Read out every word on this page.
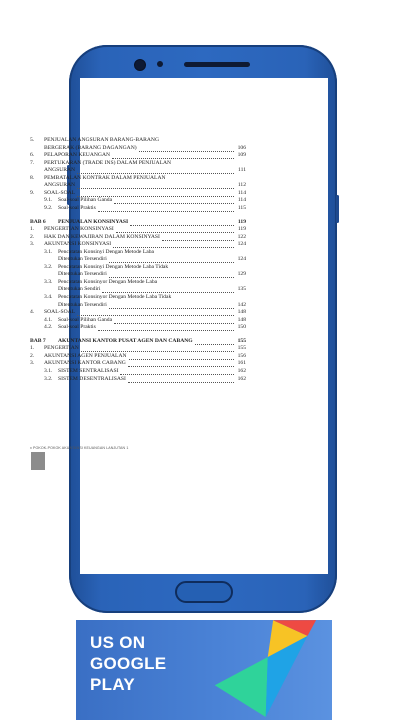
5. PENJUALAN ANGSURAN BARANG-BARANG
BERGERAK (BARANG DAGANGAN)	106
6. PELAPORAN KEUANGAN	109
7. PERTUKARAN (TRADE INS) DALAM PENJUALAN
ANGSURAN	111
8. PEMBATALAN KONTRAK DALAM PENJUALAN
ANGSURAN	112
9. SOAL-SOAL	114
9.1. Soal-soal Pilihan Ganda	114
9.2. Soal-soal Praktis	115
BAB 6 PENJUALAN KONSINYASI	119
1. PENGERTIAN KONSINYASI	119
2. HAK DAN KEWAJIBAN DALAM KONSINYASI	122
3. AKUNTANSI KONSINYASI	124
3.1. Pencatatan Konsinyi Dengan Metode Laba
Ditentukan Tersendiri	124
3.2. Pencatatan Konsinyi Dengan Metode Laba Tidak
Ditentukan Tersendiri	129
3.3. Pencatatan Konsinyor Dengan Metode Laba
Ditentukan Sendiri	135
3.4. Pencatatan Konsinyor Dengan Metode Laba Tidak
Ditentukan Tersendiri	142
4. SOAL-SOAL	148
4.1. Soal-soal Pilihan Ganda	148
4.2. Soal-soal Praktis	150
BAB 7 AKUNTANSI KANTOR PUSAT AGEN DAN CABANG	155
1. PENGERTIAN	155
2. AKUNTANSI AGEN PENJUALAN	156
3. AKUNTANSI KANTOR CABANG	161
3.1. SISTEM SENTRALISASI	162
3.2. SISTEM DESENTRALISASI	162
x POKOK-POKOK AKUNTANSI KEUANGAN LANJUTAN 1
US ON
GOOGLE
PLAY
